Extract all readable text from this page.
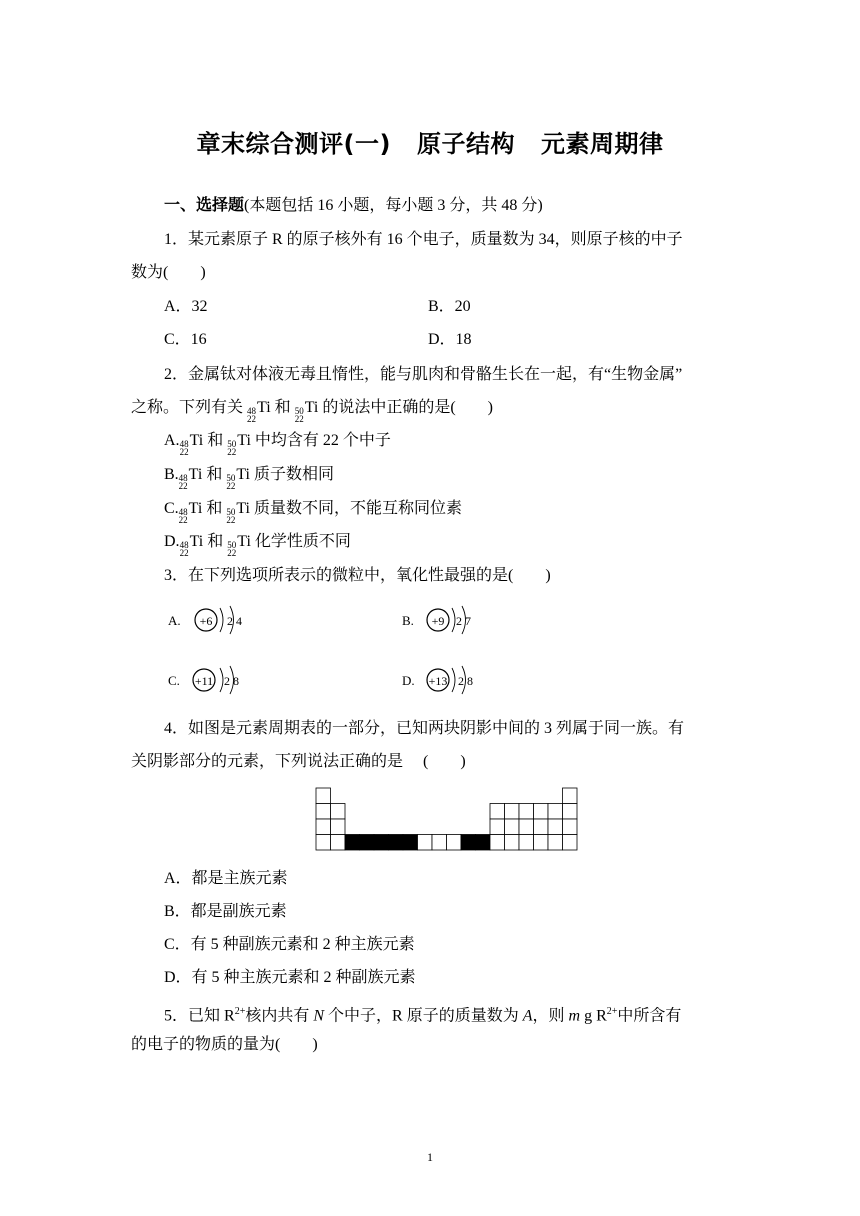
章末综合测评(一) 原子结构 元素周期律
一、选择题(本题包括 16 小题，每小题 3 分，共 48 分)
1．某元素原子 R 的原子核外有 16 个电子，质量数为 34，则原子核的中子
数为(　　)
A．32	B．20
C．16	D．18
2．金属钛对体液无毒且惰性，能与肌肉和骨骼生长在一起，有“生物金属”
之称。下列有关 48
22
Ti 和 50
22
Ti 的说法中正确的是(　　)
A. 48
22
Ti 和 50
22
Ti 中均含有 22 个中子
B. 48
22
Ti 和 50
22
Ti 质子数相同
C. 48
22
Ti 和 50
22
Ti 质量数不同，不能互称同位素
D. 48
22
Ti 和 50
22
Ti 化学性质不同
3．在下列选项所表示的微粒中，氧化性最强的是(　　)
A. +6 2 4	B. +9 2 7
C. +11 2 8	D. +13 2 8
4．如图是元素周期表的一部分，已知两块阴影中间的 3 列属于同一族。有
关阴影部分的元素，下列说法正确的是　 (　　)
A．都是主族元素
B．都是副族元素
C．有 5 种副族元素和 2 种主族元素
D．有 5 种主族元素和 2 种副族元素
5．已知 $R^{2+}$核内共有 N 个中子，R 原子的质量数为 A，则 m g $R^{2+}$中所含有
的电子的物质的量为(　　)
1
